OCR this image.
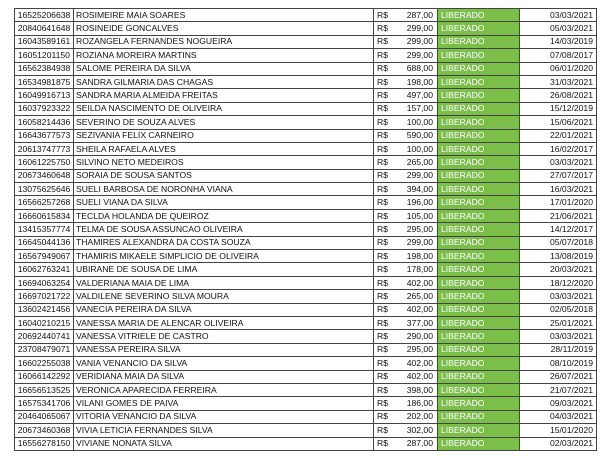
16525206638	ROSIMEIRE MAIA SOARES	R$	287,00	LIBERADO	03/03/2021
20840641648	ROSINEIDE GONCALVES	R$	299,00	LIBERADO	05/03/2021
16043589161	ROZANGELA FERNANDES NOGUEIRA	R$	299,00	LIBERADO	14/03/2019
16051201150	ROZIANA MOREIRA MARTINS	R$	299,00	LIBERADO	07/08/2017
16562384938	SALOME PEREIRA DA SILVA	R$	688,00	LIBERADO	06/01/2020
16534981875	SANDRA GILMARIA DAS CHAGAS	R$	198,00	LIBERADO	31/03/2021
16049916713	SANDRA MARIA ALMEIDA FREITAS	R$	497,00	LIBERADO	26/08/2021
16037923322	SEILDA NASCIMENTO DE OLIVEIRA	R$	157,00	LIBERADO	15/12/2019
16058214436	SEVERINO DE SOUZA ALVES	R$	100,00	LIBERADO	15/06/2021
16643677573	SEZIVANIA FELIX CARNEIRO	R$	590,00	LIBERADO	22/01/2021
20613747773	SHEILA RAFAELA ALVES	R$	100,00	LIBERADO	16/02/2017
16061225750	SILVINO NETO MEDEIROS	R$	265,00	LIBERADO	03/03/2021
20673460648	SORAIA DE SOUSA SANTOS	R$	299,00	LIBERADO	27/07/2017
13075625646	SUELI BARBOSA DE NORONHA VIANA	R$	394,00	LIBERADO	16/03/2021
16566257268	SUELI VIANA DA SILVA	R$	196,00	LIBERADO	17/01/2020
16660615834	TECLDA HOLANDA DE QUEIROZ	R$	105,00	LIBERADO	21/06/2021
13415357774	TELMA DE SOUSA ASSUNCAO OLIVEIRA	R$	295,00	LIBERADO	14/12/2017
16645044136	THAMIRES ALEXANDRA DA COSTA SOUZA	R$	299,00	LIBERADO	05/07/2018
16567949067	THAMIRIS MIKAELE SIMPLICIO DE OLIVEIRA	R$	198,00	LIBERADO	13/08/2019
16062763241	UBIRANE DE SOUSA DE LIMA	R$	178,00	LIBERADO	20/03/2021
16694063254	VALDERIANA MAIA DE LIMA	R$	402,00	LIBERADO	18/12/2020
16697021722	VALDILENE SEVERINO SILVA MOURA	R$	265,00	LIBERADO	03/03/2021
13602421456	VANECIA PEREIRA DA SILVA	R$	402,00	LIBERADO	02/05/2018
16040210215	VANESSA MARIA DE ALENCAR OLIVEIRA	R$	377,00	LIBERADO	25/01/2021
20692440741	VANESSA VITRIELE DE CASTRO	R$	290,00	LIBERADO	03/03/2021
23708479071	VANESSA PEREIRA SILVA	R$	295,00	LIBERADO	28/11/2019
16602255038	VANIA VENANCIO DA SILVA	R$	402,00	LIBERADO	08/10/2019
16066142292	VERIDIANA MAIA DA SILVA	R$	402,00	LIBERADO	26/07/2021
16656513525	VERONICA APARECIDA FERREIRA	R$	398,00	LIBERADO	21/07/2021
16575341706	VILANI GOMES DE PAIVA	R$	186,00	LIBERADO	09/03/2021
20464065067	VITORIA VENANCIO DA SILVA	R$	202,00	LIBERADO	04/03/2021
20673460368	VIVIA LETICIA FERNANDES SILVA	R$	302,00	LIBERADO	15/01/2020
16556278150	VIVIANE NONATA SILVA	R$	287,00	LIBERADO	02/03/2021
